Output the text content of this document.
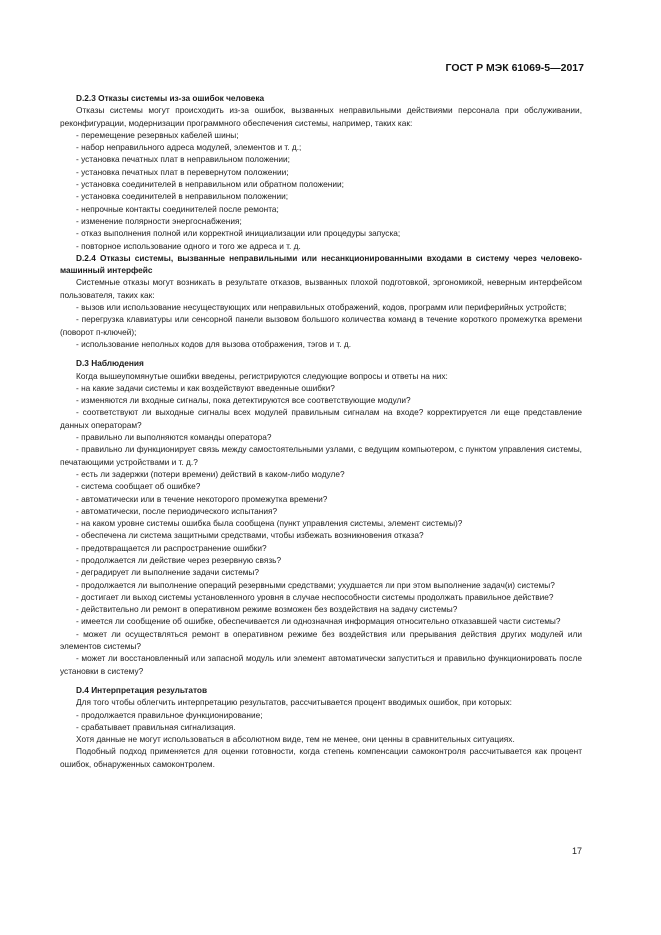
ГОСТ Р МЭК 61069-5—2017

D.2.3 Отказы системы из-за ошибок человека

Отказы системы могут происходить из-за ошибок, вызванных неправильными действиями персонала при обслуживании, реконфигурации, модернизации программного обеспечения системы, например, таких как:

- перемещение резервных кабелей шины;

- набор неправильного адреса модулей, элементов и т. д.;

- установка печатных плат в неправильном положении;

- установка печатных плат в перевернутом положении;

- установка соединителей в неправильном или обратном положении;

- установка соединителей в неправильном положении;

- непрочные контакты соединителей после ремонта;

- изменение полярности энергоснабжения;

- отказ выполнения полной или корректной инициализации или процедуры запуска;

- повторное использование одного и того же адреса и т. д.

D.2.4 Отказы системы, вызванные неправильными или несанкционированными входами в систему через человеко-машинный интерфейс

Системные отказы могут возникать в результате отказов, вызванных плохой подготовкой, эргономикой, неверным интерфейсом пользователя, таких как:

- вызов или использование несуществующих или неправильных отображений, кодов, программ или периферийных устройств;

- перегрузка клавиатуры или сенсорной панели вызовом большого количества команд в течение короткого промежутка времени (поворот п-ключей);

- использование неполных кодов для вызова отображения, тэгов и т. д.

D.3 Наблюдения

Когда вышеупомянутые ошибки введены, регистрируются следующие вопросы и ответы на них:

- на какие задачи системы и как воздействуют введенные ошибки?

- изменяются ли входные сигналы, пока детектируются все соответствующие модули?

- соответствуют ли выходные сигналы всех модулей правильным сигналам на входе? корректируется ли еще представление данных операторам?

- правильно ли выполняются команды оператора?

- правильно ли функционирует связь между самостоятельными узлами, с ведущим компьютером, с пунктом управления системы, печатающими устройствами и т. д.?

- есть ли задержки (потери времени) действий в каком-либо модуле?

- система сообщает об ошибке?

- автоматически или в течение некоторого промежутка времени?

- автоматически, после периодического испытания?

- на каком уровне системы ошибка была сообщена (пункт управления системы, элемент системы)?

- обеспечена ли система защитными средствами, чтобы избежать возникновения отказа?

- предотвращается ли распространение ошибки?

- продолжается ли действие через резервную связь?

- деградирует ли выполнение задачи системы?

- продолжается ли выполнение операций резервными средствами; ухудшается ли при этом выполнение задач(и) системы?

- достигает ли выход системы установленного уровня в случае неспособности системы продолжать правильное действие?

- действительно ли ремонт в оперативном режиме возможен без воздействия на задачу системы?

- имеется ли сообщение об ошибке, обеспечивается ли однозначная информация относительно отказавшей части системы?

- может ли осуществляться ремонт в оперативном режиме без воздействия или прерывания действия других модулей или элементов системы?

- может ли восстановленный или запасной модуль или элемент автоматически запуститься и правильно функционировать после установки в систему?

D.4 Интерпретация результатов

Для того чтобы облегчить интерпретацию результатов, рассчитывается процент вводимых ошибок, при которых:

- продолжается правильное функционирование;

- срабатывает правильная сигнализация.

Хотя данные не могут использоваться в абсолютном виде, тем не менее, они ценны в сравнительных ситуациях.

Подобный подход применяется для оценки готовности, когда степень компенсации самоконтроля рассчитывается как процент ошибок, обнаруженных самоконтролем.

17
